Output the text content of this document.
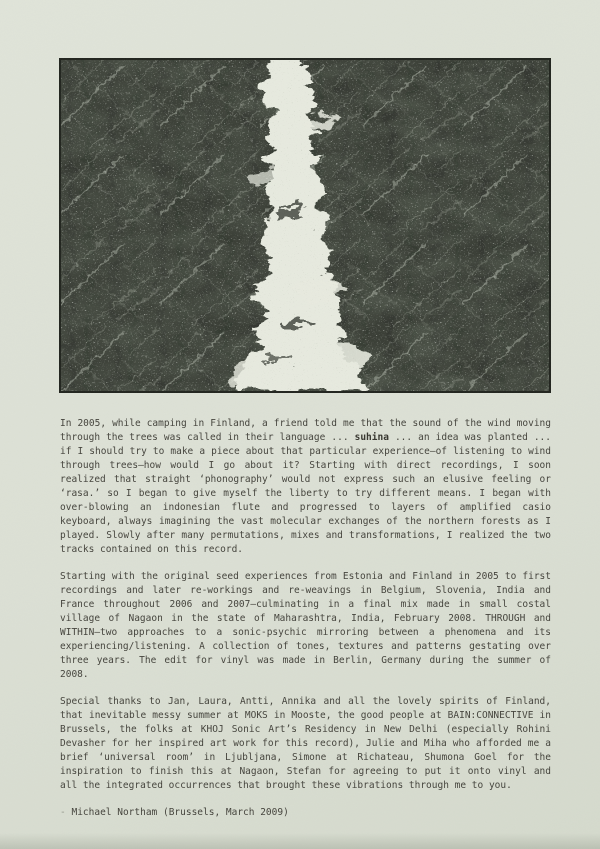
In 2005, while camping in Finland, a friend told me that the sound of the wind moving through the trees was called in their language ... suhina ... an idea was planted ... if I should try to make a piece about that particular experience—of listening to wind through trees—how would I go about it? Starting with direct recordings, I soon realized that straight ‘phonography’ would not express such an elusive feeling or ‘rasa.’ so I began to give myself the liberty to try different means. I began with over-blowing an indonesian flute and progressed to layers of amplified casio keyboard, always imagining the vast molecular exchanges of the northern forests as I played. Slowly after many permutations, mixes and transformations, I realized the two tracks contained on this record.

Starting with the original seed experiences from Estonia and Finland in 2005 to first recordings and later re-workings and re-weavings in Belgium, Slovenia, India and France throughout 2006 and 2007—culminating in a final mix made in small costal village of Nagaon in the state of Maharashtra, India, February 2008. THROUGH and WITHIN—two approaches to a sonic-psychic mirroring between a phenomena and its experiencing/listening. A collection of tones, textures and patterns gestating over three years. The edit for vinyl was made in Berlin, Germany during the summer of 2008.

Special thanks to Jan, Laura, Antti, Annika and all the lovely spirits of Finland, that inevitable messy summer at MOKS in Mooste, the good people at BAIN:CONNECTIVE in Brussels, the folks at KHOJ Sonic Art’s Residency in New Delhi (especially Rohini Devasher for her inspired art work for this record), Julie and Miha who afforded me a brief ‘universal room’ in Ljubljana, Simone at Richateau, Shumona Goel for the inspiration to finish this at Nagaon, Stefan for agreeing to put it onto vinyl and all the integrated occurrences that brought these vibrations through me to you.

- Michael Northam (Brussels, March 2009)
